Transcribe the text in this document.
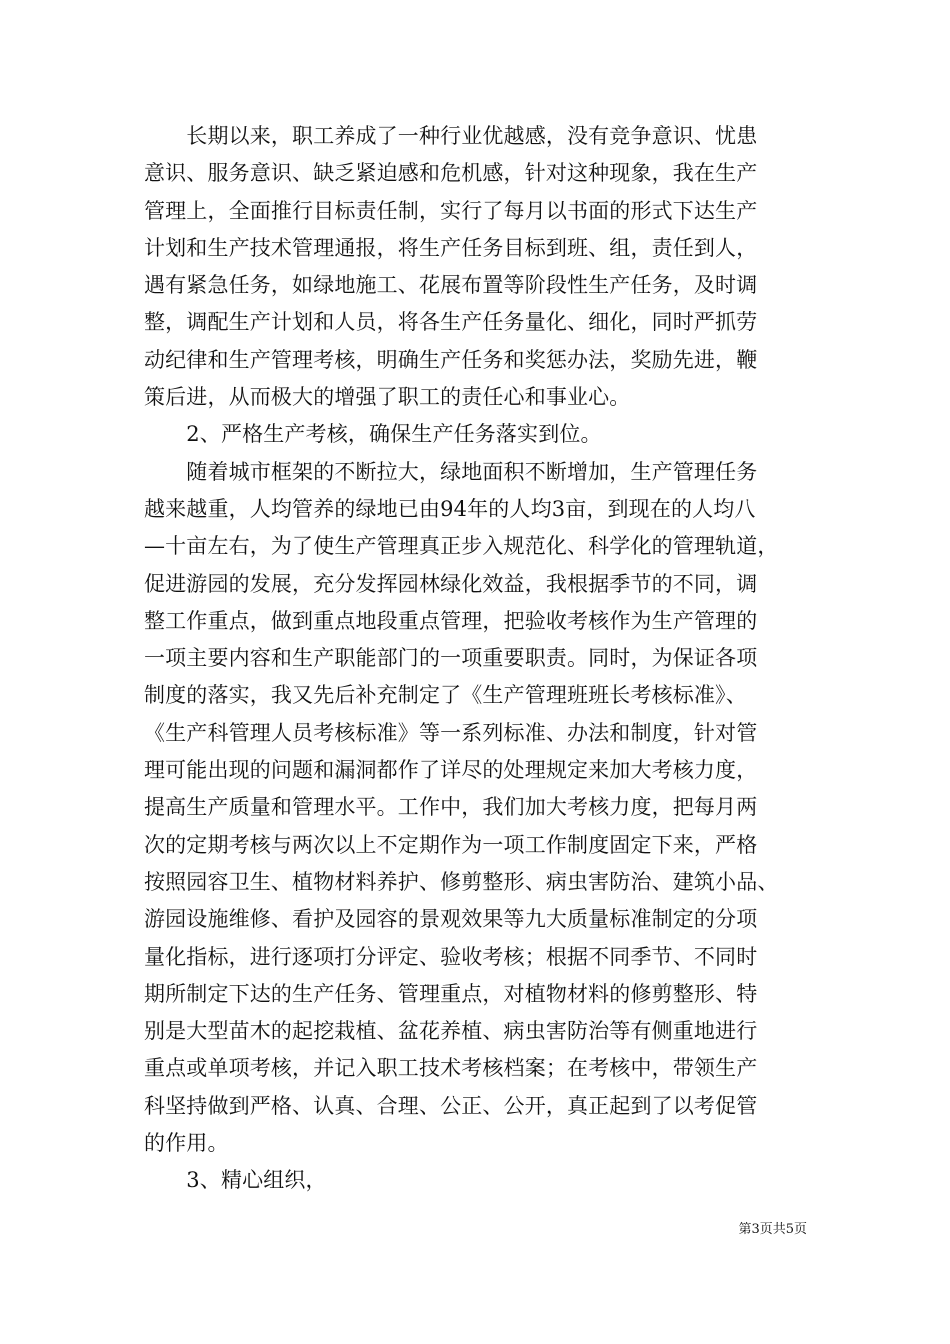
　　长期以来，职工养成了一种行业优越感，没有竞争意识、忧患
意识、服务意识、缺乏紧迫感和危机感，针对这种现象，我在生产
管理上，全面推行目标责任制，实行了每月以书面的形式下达生产
计划和生产技术管理通报，将生产任务目标到班、组，责任到人，
遇有紧急任务，如绿地施工、花展布置等阶段性生产任务，及时调
整，调配生产计划和人员，将各生产任务量化、细化，同时严抓劳
动纪律和生产管理考核，明确生产任务和奖惩办法，奖励先进，鞭
策后进，从而极大的增强了职工的责任心和事业心。
　　2、严格生产考核，确保生产任务落实到位。
　　随着城市框架的不断拉大，绿地面积不断增加，生产管理任务
越来越重，人均管养的绿地已由94年的人均3亩，到现在的人均八
—十亩左右，为了使生产管理真正步入规范化、科学化的管理轨道，
促进游园的发展，充分发挥园林绿化效益，我根据季节的不同，调
整工作重点，做到重点地段重点管理，把验收考核作为生产管理的
一项主要内容和生产职能部门的一项重要职责。同时，为保证各项
制度的落实，我又先后补充制定了《生产管理班班长考核标准》、
《生产科管理人员考核标准》等一系列标准、办法和制度，针对管
理可能出现的问题和漏洞都作了详尽的处理规定来加大考核力度，
提高生产质量和管理水平。工作中，我们加大考核力度，把每月两
次的定期考核与两次以上不定期作为一项工作制度固定下来，严格
按照园容卫生、植物材料养护、修剪整形、病虫害防治、建筑小品、
游园设施维修、看护及园容的景观效果等九大质量标准制定的分项
量化指标，进行逐项打分评定、验收考核；根据不同季节、不同时
期所制定下达的生产任务、管理重点，对植物材料的修剪整形、特
别是大型苗木的起挖栽植、盆花养植、病虫害防治等有侧重地进行
重点或单项考核，并记入职工技术考核档案；在考核中，带领生产
科坚持做到严格、认真、合理、公正、公开，真正起到了以考促管
的作用。
　　3、精心组织，
第3页共5页
